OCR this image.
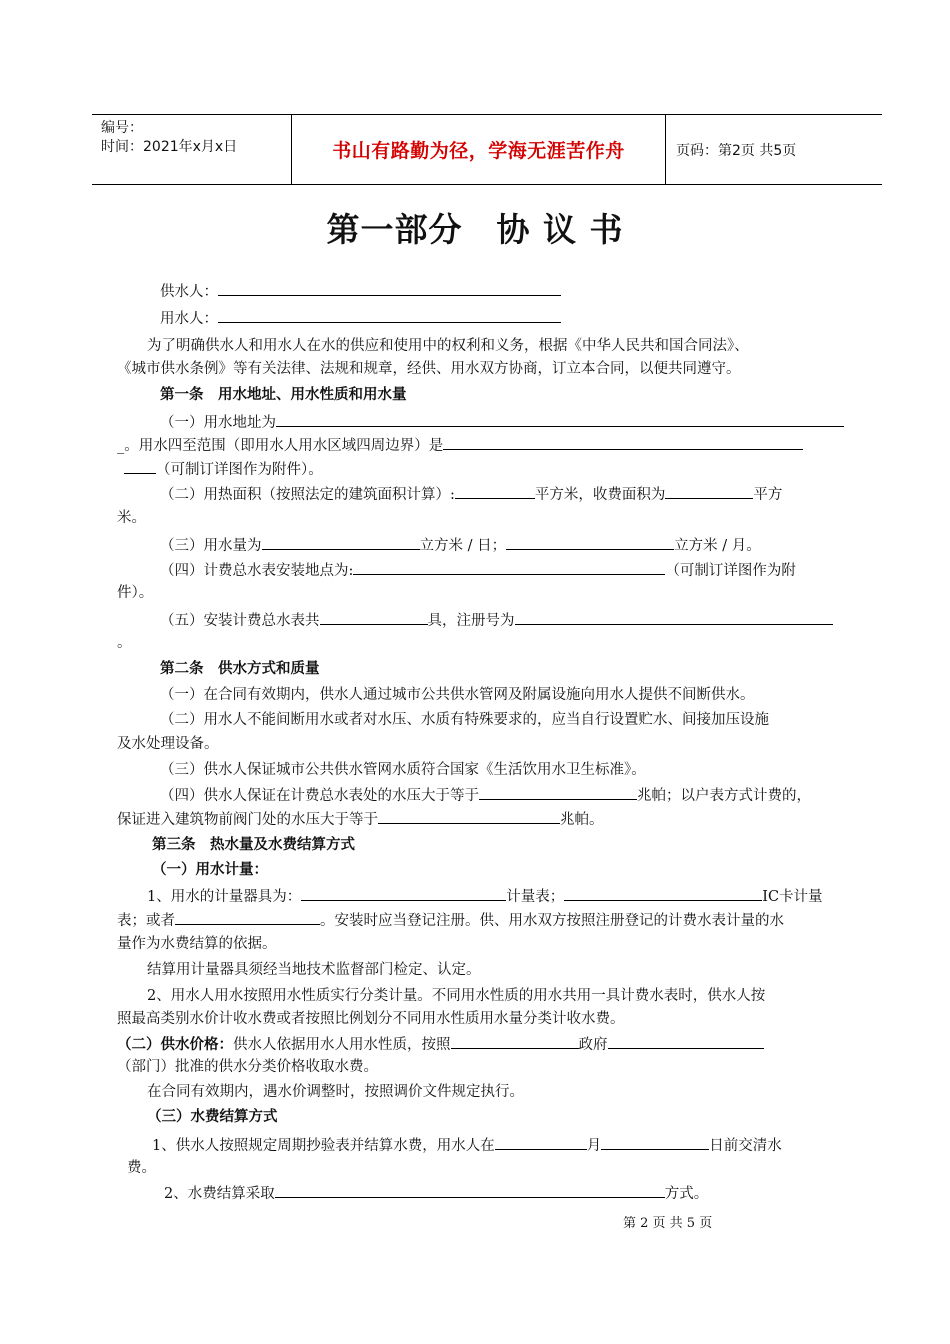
编号：
时间：2021年x月x日	书山有路勤为径，学海无涯苦作舟	页码：第2页 共5页
第一部分　协 议 书
供水人：
用水人：
为了明确供水人和用水人在水的供应和使用中的权利和义务，根据《中华人民共和国合同法》、
《城市供水条例》等有关法律、法规和规章，经供、用水双方协商，订立本合同，以便共同遵守。
第一条　用水地址、用水性质和用水量
（一）用水地址为
_。用水四至范围（即用水人用水区域四周边界）是
（可制订详图作为附件）。
（二）用热面积（按照法定的建筑面积计算）:	平方米，收费面积为	平方
米。
（三）用水量为	立方米 / 日；	立方米 / 月。
（四）计费总水表安装地点为:	（可制订详图作为附
件）。
（五）安装计费总水表共	具，注册号为
。
第二条　供水方式和质量
（一）在合同有效期内，供水人通过城市公共供水管网及附属设施向用水人提供不间断供水。
（二）用水人不能间断用水或者对水压、水质有特殊要求的，应当自行设置贮水、间接加压设施
及水处理设备。
（三）供水人保证城市公共供水管网水质符合国家《生活饮用水卫生标准》。
（四）供水人保证在计费总水表处的水压大于等于	兆帕；以户表方式计费的，
保证进入建筑物前阀门处的水压大于等于	兆帕。
第三条　热水量及水费结算方式
（一）用水计量：
1、用水的计量器具为：	计量表；	IC卡计量
表；或者	。安装时应当登记注册。供、用水双方按照注册登记的计费水表计量的水
量作为水费结算的依据。
结算用计量器具须经当地技术监督部门检定、认定。
2、用水人用水按照用水性质实行分类计量。不同用水性质的用水共用一具计费水表时，供水人按
照最高类别水价计收水费或者按照比例划分不同用水性质用水量分类计收水费。
（二）供水价格：供水人依据用水人用水性质，按照	政府
（部门）批准的供水分类价格收取水费。
在合同有效期内，遇水价调整时，按照调价文件规定执行。
（三）水费结算方式
1、供水人按照规定周期抄验表并结算水费，用水人在	月	日前交清水
费。
2、水费结算采取	方式。
第 2 页 共 5 页
